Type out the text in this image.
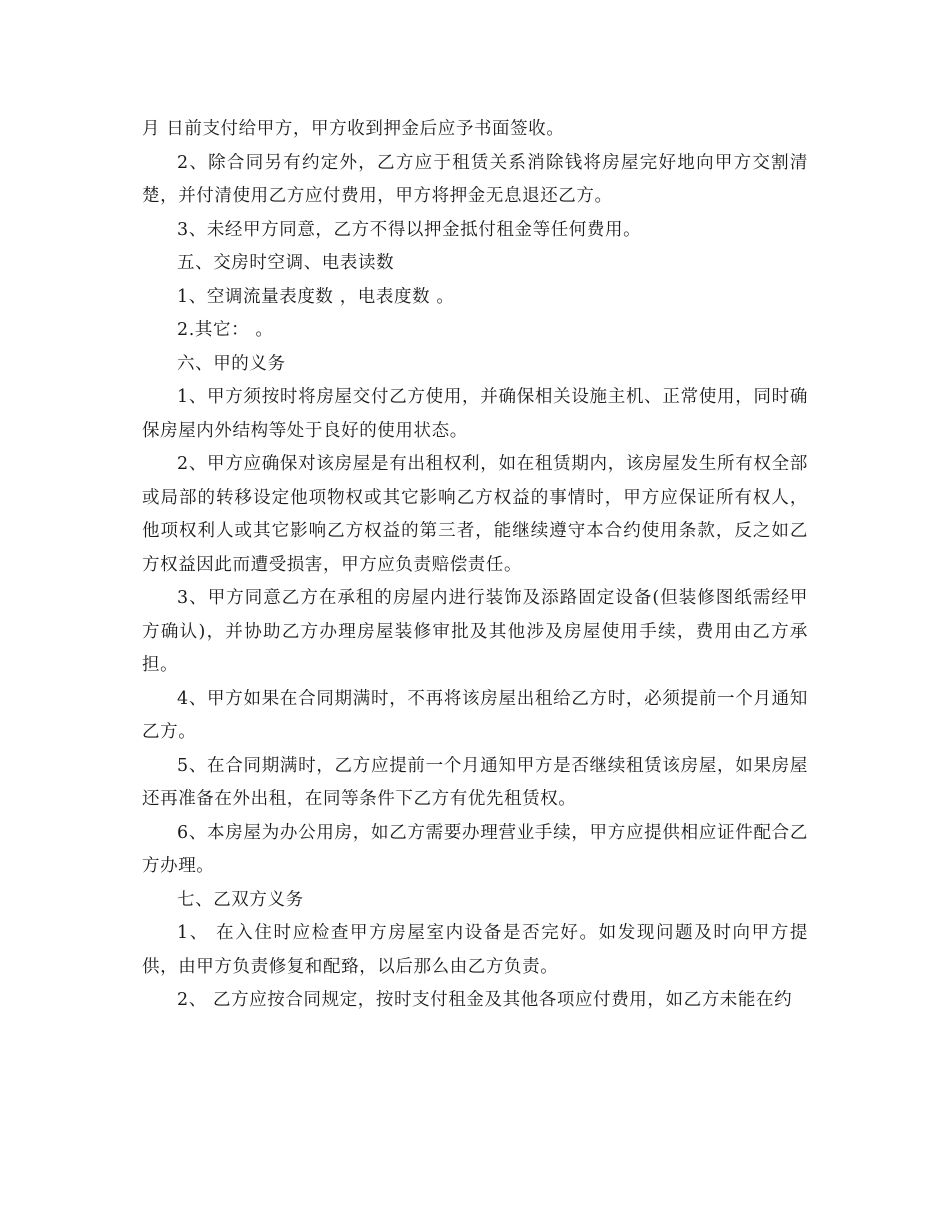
月 日前支付给甲方，甲方收到押金后应予书面签收。

2、除合同另有约定外，乙方应于租赁关系消除钱将房屋完好地向甲方交割清楚，并付清使用乙方应付费用，甲方将押金无息退还乙方。

3、未经甲方同意，乙方不得以押金抵付租金等任何费用。

五、交房时空调、电表读数

1、空调流量表度数 ，电表度数 。

2.其它： 。

六、甲的义务

1、甲方须按时将房屋交付乙方使用，并确保相关设施主机、正常使用，同时确保房屋内外结构等处于良好的使用状态。

2、甲方应确保对该房屋是有出租权利，如在租赁期内，该房屋发生所有权全部或局部的转移设定他项物权或其它影响乙方权益的事情时，甲方应保证所有权人，他项权利人或其它影响乙方权益的第三者，能继续遵守本合约使用条款，反之如乙方权益因此而遭受损害，甲方应负责赔偿责任。

3、甲方同意乙方在承租的房屋内进行装饰及添路固定设备(但装修图纸需经甲方确认)，并协助乙方办理房屋装修审批及其他涉及房屋使用手续，费用由乙方承担。

4、甲方如果在合同期满时，不再将该房屋出租给乙方时，必须提前一个月通知乙方。

5、在合同期满时，乙方应提前一个月通知甲方是否继续租赁该房屋，如果房屋还再准备在外出租，在同等条件下乙方有优先租赁权。

6、本房屋为办公用房，如乙方需要办理营业手续，甲方应提供相应证件配合乙方办理。

七、乙双方义务

1、 在入住时应检查甲方房屋室内设备是否完好。如发现问题及时向甲方提供，由甲方负责修复和配臵，以后那么由乙方负责。

2、 乙方应按合同规定，按时支付租金及其他各项应付费用，如乙方未能在约
